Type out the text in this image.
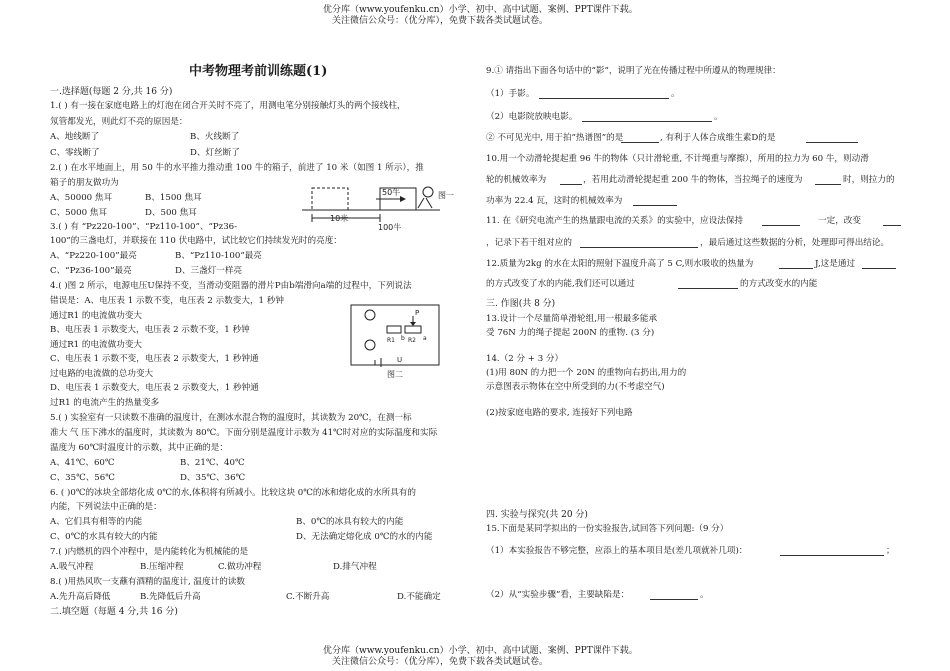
优分库（www.youfenku.cn）小学、初中、高中试题、案例、PPT课件下载。
关注微信公众号：（优分库），免费下载各类试题试卷。
优分库（www.youfenku.cn）小学、初中、高中试题、案例、PPT课件下载。
关注微信公众号：（优分库），免费下载各类试题试卷。
中考物理考前训练题(1)
一.选择题(每题 2 分,共 16 分)
1.( ) 有一接在家庭电路上的灯泡在闭合开关时不亮了，用测电笔分别接触灯头的两个接线柱，
氖管都发光，则此灯不亮的原因是：
A、地线断了	B、火线断了
C、零线断了	D、灯丝断了
2.( ) 在水平地面上，用 50 牛的水平推力推动重 100 牛的箱子，前进了 10 米（如图 1 所示），推
箱子的朋友做功为
A、50000 焦耳	B、1500 焦耳
C、5000 焦耳	D、500 焦耳
3.( ) 有 “Pz220-100”、“Pz110-100”、“Pz36-
100”的三盏电灯，并联接在 110 伏电路中，试比较它们持续发光时的亮度：
A、“Pz220-100”最亮	B、“Pz110-100”最亮
C、“Pz36-100”最亮	D、三盏灯一样亮
4.( )图 2 所示，电源电压U保持不变，当滑动变阻器的滑片P由b端滑向a端的过程中，下列说法
错误是：A、电压表 1 示数不变，电压表 2 示数变大，1 秒钟
通过R1 的电流做功变大
B、电压表 1 示数变大，电压表 2 示数不变，1 秒钟
通过R1 的电流做功变大
C、电压表 1 示数不变，电压表 2 示数变大，1 秒钟通
过电路的电流做的总功变大
D、电压表 1 示数变大，电压表 2 示数变大，1 秒钟通
过R1 的电流产生的热量变多
5.( ) 实验室有一只读数不准确的温度计，在测冰水混合物的温度时，其读数为 20℃，在测一标
准大 气 压下沸水的温度时，其读数为 80℃。下面分别是温度计示数为 41℃时对应的实际温度和实际
温度为 60℃时温度计的示数，其中正确的是：
A、41℃、60℃	B、21℃、40℃
C、35℃、56℃	D、35℃、36℃
6. ( )0℃的冰块全部熔化成 0℃的水,体积将有所减小。比较这块 0℃的冰和熔化成的水所具有的
内能，下列说法中正确的是：
A、它们具有相等的内能	B、0℃的冰具有较大的内能
C、0℃的水具有较大的内能	D、无法确定熔化成 0℃的水的内能
7.( )内燃机的四个冲程中，是内能转化为机械能的是
A.吸气冲程	B.压缩冲程	C.做功冲程	D.排气冲程
8.( )用热风吹一支蘸有酒精的温度计, 温度计的读数
A.先升高后降低	B.先降低后升高	C.不断升高	D.不能确定
二.填空题（每题 4 分,共 16 分)
10米
50牛
100牛
图一
P
a
b
R1 R2
U
图二
9.① 请指出下面各句话中的“影”，说明了光在传播过程中所遵从的物理规律：
（1）手影。	。
（2）电影院放映电影。	。
② 不可见光中, 用于拍”热谱图”的是	, 有利于人体合成维生素D的是
10.用一个动滑轮提起重 96 牛的物体（只计滑轮重, 不计绳重与摩擦），所用的拉力为 60 牛，则动滑
轮的机械效率为	，若用此动滑轮提起重 200 牛的物体，当拉绳子的速度为	时，则拉力的
功率为 22.4 瓦，这时的机械效率为
11. 在《研究电流产生的热量跟电流的关系》的实验中，应设法保持	一定，改变
，记录下若干组对应的	，最后通过这些数据的分析，处理即可得出结论。
12.质量为2kg 的水在太阳的照射下温度升高了 5 C,则水吸收的热量为	J,这是通过
的方式改变了水的内能,我们还可以通过	的方式改变水的内能
三. 作图(共 8 分)
13.设计一个尽量简单滑轮组,用一根最多能承
受 76N 力的绳子提起 200N 的重物. (3 分)
14.（2 分 + 3 分）
(1)用 80N 的力把一个 20N 的重物向右扔出,用力的
示意图表示物体在空中所受到的力(不考虑空气)
(2)按家庭电路的要求, 连接好下列电路
四. 实验与探究(共 20 分)
15.下面是某同学拟出的一份实验报告,试回答下列问题:（9 分）
（1）本实验报告不够完整，应添上的基本项目是(差几项就补几项)：	；
（2）从“实验步骤”看，主要缺陷是：	。
